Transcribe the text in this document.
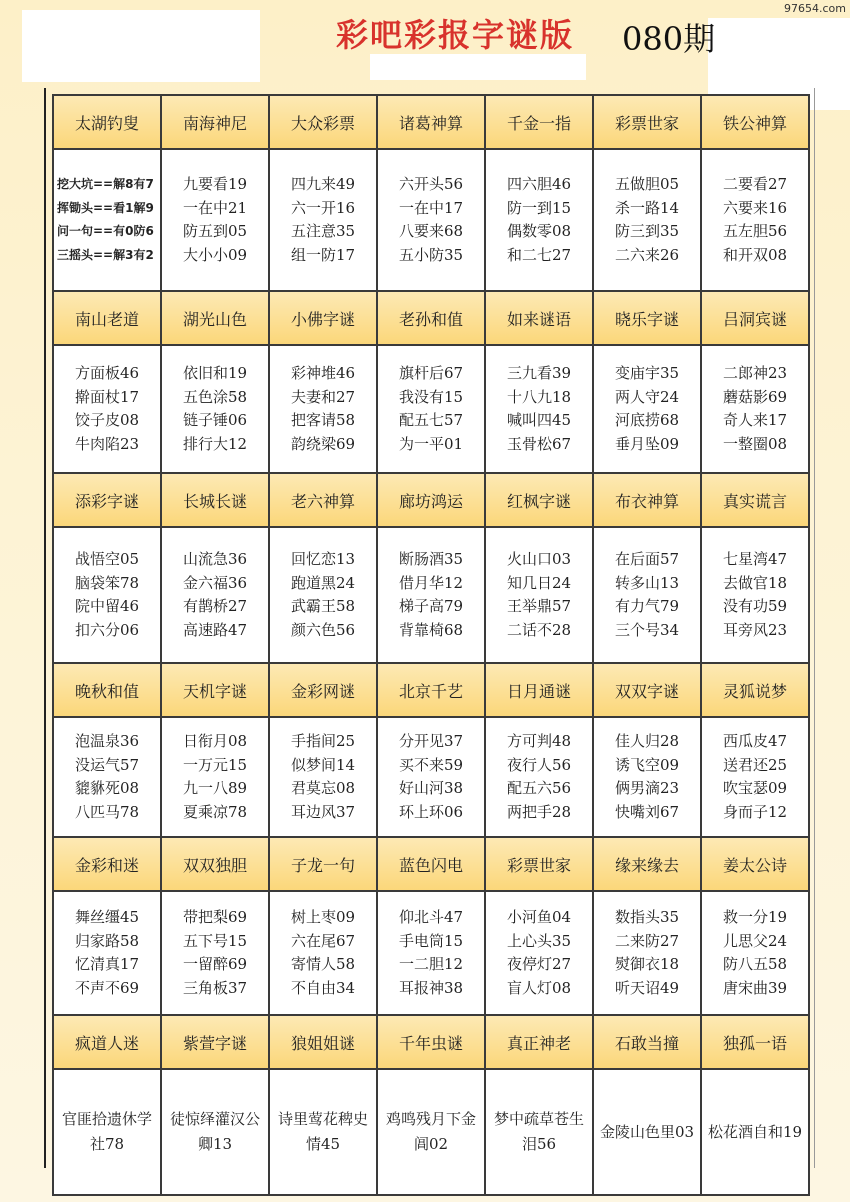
彩吧彩报字谜版 080期
97654.com
太湖钓叟	南海神尼	大众彩票	诸葛神算	千金一指	彩票世家	铁公神算

挖大坑==解8有7
挥锄头==看1解9
问一句==有0防6
三摇头==解3有2	九要看19
一在中21
防五到05
大小小09	四九来49
六一开16
五注意35
组一防17	六开头56
一在中17
八要来68
五小防35	四六胆46
防一到15
偶数零08
和二七27	五做胆05
杀一路14
防三到35
二六来26	二要看27
六要来16
五左胆56
和开双08

南山老道	湖光山色	小佛字谜	老孙和值	如来谜语	晓乐字谜	吕洞宾谜

方面板46
擀面杖17
饺子皮08
牛肉陷23	依旧和19
五色涂58
链子锤06
排行大12	彩神堆46
夫妻和27
把客请58
韵绕梁69	旗杆后67
我没有15
配五七57
为一平01	三九看39
十八九18
喊叫四45
玉骨松67	变庙宇35
两人守24
河底捞68
垂月坠09	二郎神23
蘑菇影69
奇人来17
一整圈08

添彩字谜	长城长谜	老六神算	廊坊鸿运	红枫字谜	布衣神算	真实谎言

战悟空05
脑袋笨78
院中留46
扣六分06	山流急36
金六福36
有鹊桥27
高速路47	回忆恋13
跑道黑24
武霸王58
颜六色56	断肠酒35
借月华12
梯子高79
背靠椅68	火山口03
知几日24
王举鼎57
二话不28	在后面57
转多山13
有力气79
三个号34	七星湾47
去做官18
没有功59
耳旁风23

晚秋和值	天机字谜	金彩网谜	北京千艺	日月通谜	双双字谜	灵狐说梦

泡温泉36
没运气57
貔貅死08
八匹马78	日衔月08
一万元15
九一八89
夏乘凉78	手指间25
似梦间14
君莫忘08
耳边风37	分开见37
买不来59
好山河38
环上环06	方可判48
夜行人56
配五六56
两把手28	佳人归28
诱飞空09
俩男滴23
快嘴刘67	西瓜皮47
送君还25
吹宝瑟09
身而子12

金彩和迷	双双独胆	子龙一句	蓝色闪电	彩票世家	缘来缘去	姜太公诗

舞丝缰45
归家路58
忆清真17
不声不69	带把梨69
五下号15
一留醉69
三角板37	树上枣09
六在尾67
寄情人58
不自由34	仰北斗47
手电筒15
一二胆12
耳报神38	小河鱼04
上心头35
夜停灯27
盲人灯08	数指头35
二来防27
熨御衣18
听天诏49	救一分19
儿思父24
防八五58
唐宋曲39

疯道人迷	紫萱字谜	狼姐姐谜	千年虫谜	真正神老	石敢当撞	独孤一语

官匪拾遗休学
社78	徒惊绎灌汉公
卿13	诗里莺花稗史
情45	鸡鸣残月下金
阊02	梦中疏草苍生
泪56	金陵山色里03	松花酒自和19
